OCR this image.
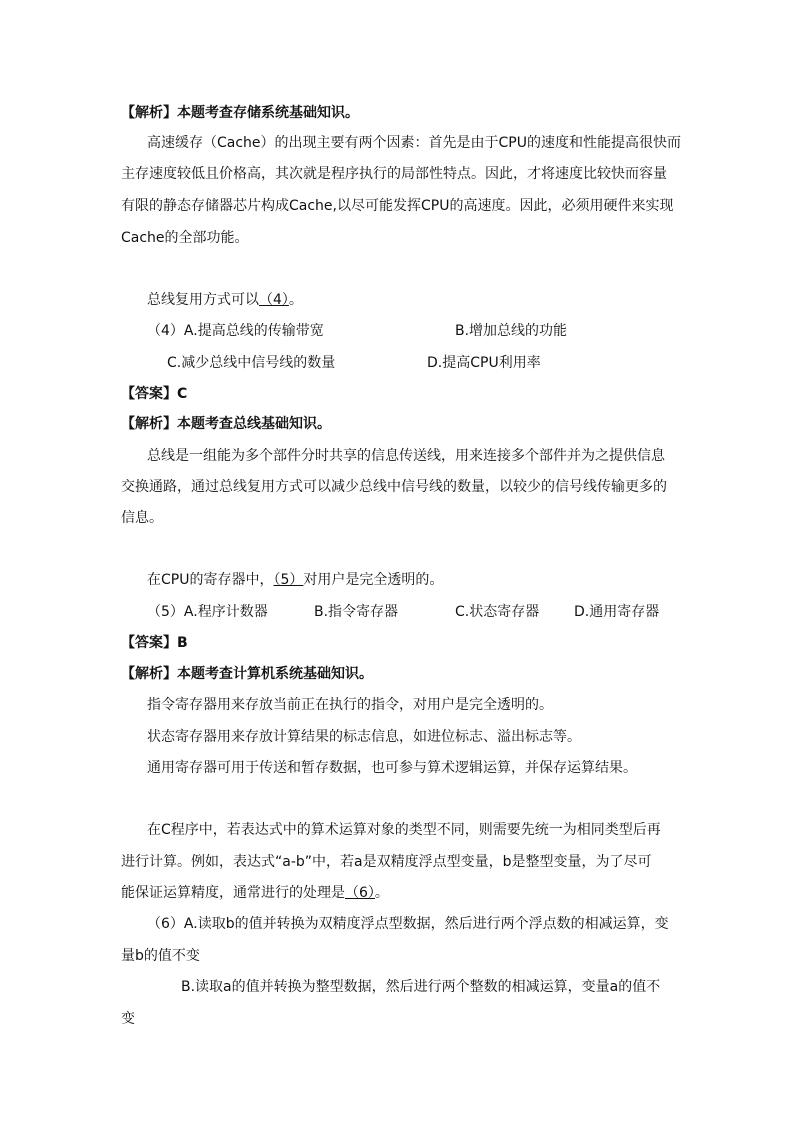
【解析】本题考查存储系统基础知识。
高速缓存（Cache）的出现主要有两个因素：首先是由于CPU的速度和性能提高很快而
主存速度较低且价格高，其次就是程序执行的局部性特点。因此，才将速度比较快而容量
有限的静态存储器芯片构成Cache,以尽可能发挥CPU的高速度。因此，必须用硬件来实现
Cache的全部功能。
总线复用方式可以（4）。
（4）A.提高总线的传输带宽	B.增加总线的功能
C.减少总线中信号线的数量	D.提高CPU利用率
【答案】C
【解析】本题考查总线基础知识。
总线是一组能为多个部件分时共享的信息传送线，用来连接多个部件并为之提供信息
交换通路，通过总线复用方式可以减少总线中信号线的数量，以较少的信号线传输更多的
信息。
在CPU的寄存器中，（5）对用户是完全透明的。
（5）A.程序计数器	B.指令寄存器	C.状态寄存器 D.通用寄存器
【答案】B
【解析】本题考查计算机系统基础知识。
指令寄存器用来存放当前正在执行的指令，对用户是完全透明的。
状态寄存器用来存放计算结果的标志信息，如进位标志、溢出标志等。
通用寄存器可用于传送和暂存数据，也可参与算术逻辑运算，并保存运算结果。
在C程序中，若表达式中的算术运算对象的类型不同，则需要先统一为相同类型后再
进行计算。例如，表达式“a-b”中，若a是双精度浮点型变量，b是整型变量，为了尽可
能保证运算精度，通常进行的处理是（6）。
（6）A.读取b的值并转换为双精度浮点型数据，然后进行两个浮点数的相减运算，变
量b的值不变
B.读取a的值并转换为整型数据，然后进行两个整数的相减运算，变量a的值不
变
